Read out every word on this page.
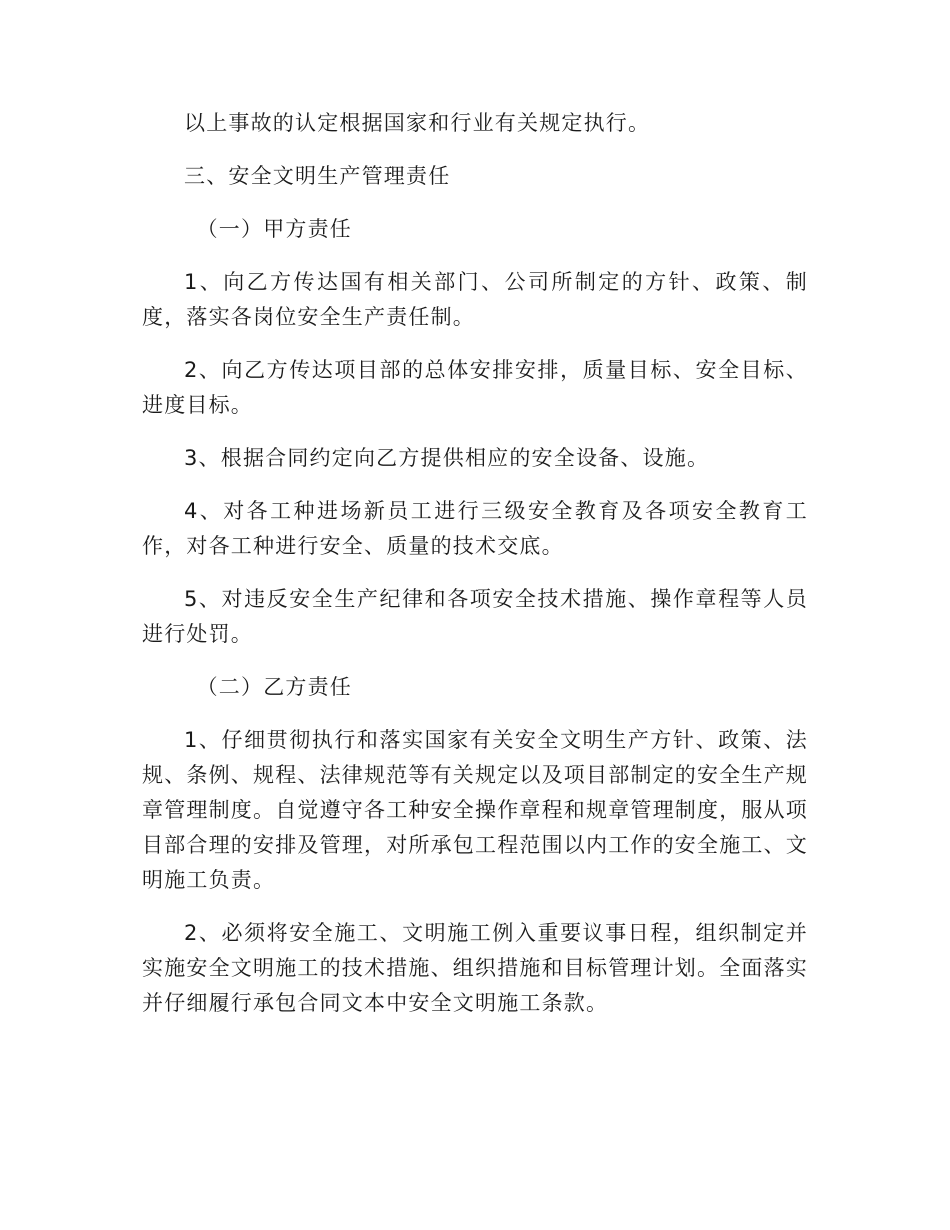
以上事故的认定根据国家和行业有关规定执行。

三、安全文明生产管理责任

（一）甲方责任

1、向乙方传达国有相关部门、公司所制定的方针、政策、制度，落实各岗位安全生产责任制。

2、向乙方传达项目部的总体安排安排，质量目标、安全目标、进度目标。

3、根据合同约定向乙方提供相应的安全设备、设施。

4、对各工种进场新员工进行三级安全教育及各项安全教育工作，对各工种进行安全、质量的技术交底。

5、对违反安全生产纪律和各项安全技术措施、操作章程等人员进行处罚。

（二）乙方责任

1、仔细贯彻执行和落实国家有关安全文明生产方针、政策、法规、条例、规程、法律规范等有关规定以及项目部制定的安全生产规章管理制度。自觉遵守各工种安全操作章程和规章管理制度，服从项目部合理的安排及管理，对所承包工程范围以内工作的安全施工、文明施工负责。

2、必须将安全施工、文明施工例入重要议事日程，组织制定并实施安全文明施工的技术措施、组织措施和目标管理计划。全面落实并仔细履行承包合同文本中安全文明施工条款。
